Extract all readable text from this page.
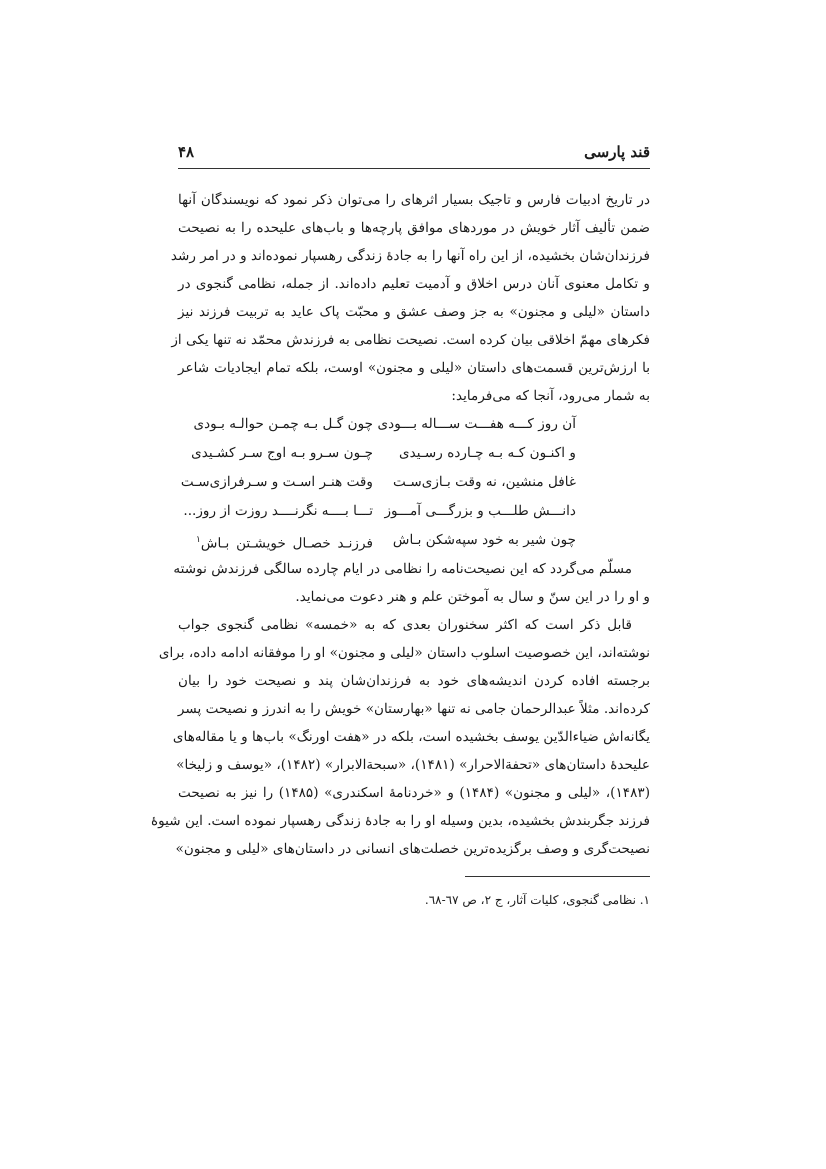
قند پارسی
۴۸
در تاریخ ادبیات فارس و تاجیک بسیار اثرهای را می‌توان ذکر نمود که نویسندگان آنها
ضمن تألیف آثار خویش در موردهای موافق پارچه‌ها و باب‌های علیحده را به نصیحت
فرزندان‌شان بخشیده، از این راه آنها را به جادهٔ زندگی رهسپار نموده‌اند و در امر رشد
و تکامل معنوی آنان درس اخلاق و آدمیت تعلیم داده‌اند. از جمله، نظامی گنجوی در
داستان «لیلی و مجنون» به جز وصف عشق و محبّت پاک عاید به تربیت فرزند نیز
فکرهای مهمّ اخلاقی بیان کرده است. نصیحت نظامی به فرزندش محمّد نه تنها یکی از
با ارزش‌ترین قسمت‌های داستان «لیلی و مجنون» اوست، بلکه تمام ایجادیات شاعر
به شمار می‌رود، آنجا که می‌فرماید:
آن روز کـــه هفـــت ســـاله بـــودی
چون گـل بـه چمـن حوالـه بـودی
و اکنـون کـه بـه چـارده رسـیدی
چـون سـرو بـه اوج سـر کشـیدی
غافل منشین، نه وقت بـازی‌سـت
وقت هنـر اسـت و سـرفرازی‌سـت
دانـــش طلـــب و بزرگـــی آمـــوز
تـــا بــــه نگرنــــد روزت از روز...
چون شیر به خود سپه‌شکن بـاش
فرزنـد خصـال خویشـتن بـاش$^١$
مسلّم می‌گردد که این نصیحت‌نامه را نظامی در ایام چارده سالگی فرزندش نوشته
و او را در این سنّ و سال به آموختن علم و هنر دعوت می‌نماید.
قابل ذکر است که اکثر سخنوران بعدی که به «خمسه» نظامی گنجوی جواب
نوشته‌اند، این خصوصیت اسلوب داستان «لیلی و مجنون» او را موفقانه ادامه داده، برای
برجسته افاده کردن اندیشه‌های خود به فرزندان‌شان پند و نصیحت خود را بیان
کرده‌اند. مثلاً عبدالرحمان جامی نه تنها «بهارستان» خویش را به اندرز و نصیحت پسر
یگانه‌اش ضیاءالدّین یوسف بخشیده است، بلکه در «هفت اورنگ» باب‌ها و یا مقاله‌های
علیحدهٔ داستان‌های «تحفة‌الاحرار» (۱۴۸۱)، «سبحة‌الابرار» (۱۴۸۲)، «یوسف و زلیخا»
(۱۴۸۳)، «لیلی و مجنون» (۱۴۸۴) و «خردنامهٔ اسکندری» (۱۴۸۵) را نیز به نصیحت
فرزند جگربندش بخشیده، بدین وسیله او را به جادهٔ زندگی رهسپار نموده است. این شیوهٔ
نصیحت‌گری و وصف برگزیده‌ترین خصلت‌های انسانی در داستان‌های «لیلی و مجنون»
١. نظامی گنجوی، کلیات آثار، ج ٢، ص ٦٧-٦٨.
